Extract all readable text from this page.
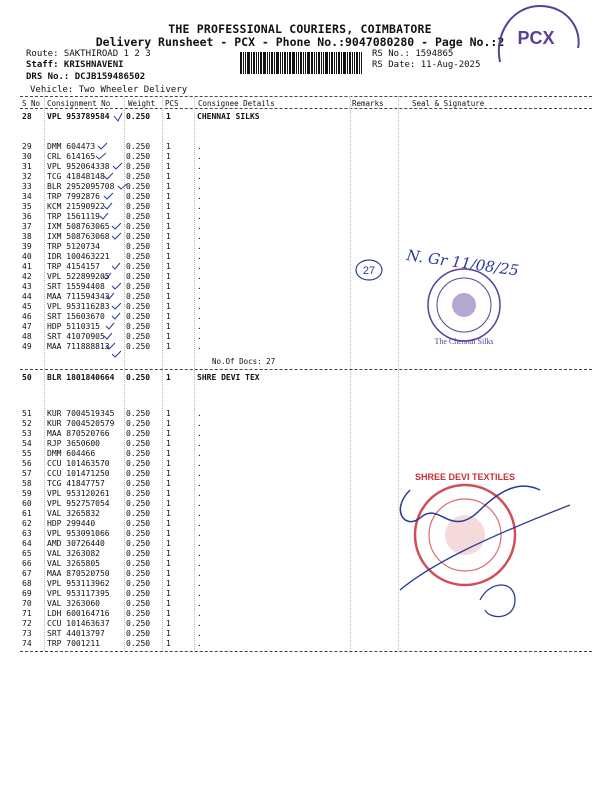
THE PROFESSIONAL COURIERS, COIMBATORE
Delivery Runsheet - PCX - Phone No.:9047080280 - Page No.:2
Route: SAKTHIROAD 1 2 3
Staff: KRISHNAVENI
DRS No.: DCJB159486502
Vehicle: Two Wheeler Delivery
RS No.: 1594865
RS Date: 11-Aug-2025
PCX
S No Consignment No Weight PCS	Consignee Details	Remarks	Seal & Signature
28 VPL 953789584 0.250 1	CHENNAI SILKS
29 DMM 604473	0.250 1	.
30 CRL 614165	0.250 1	.
31 VPL 952064338 0.250 1	.
32 TCG 41848148	0.250 1	.
33 BLR 2952095708 0.250 1	.
34 TRP 7992876	0.250 1	.
35 KCM 21590922	0.250 1	.
36 TRP 1561119	0.250 1	.
37 IXM 508763065 0.250 1	.
38 IXM 508763068 0.250 1	.
39 TRP 5120734	0.250 1	.
40 IDR 100463221 0.250 1	.
41 TRP 4154157	0.250 1	.
42 VPL 522899205 0.250 1	.
43 SRT 15594408	0.250 1	.
44 MAA 711594343 0.250 1	.
45 VPL 953116283 0.250 1	.
46 SRT 15603670	0.250 1	.
47 HDP 5110315	0.250 1	.
48 SRT 41070905	0.250 1	.
49 MAA 711888813 0.250 1	.
No.Of Docs: 27
50 BLR 1801840664 0.250 1	SHRE DEVI TEX
51 KUR 7004519345 0.250 1	.
52 KUR 7004520579 0.250 1	.
53 MAA 870520766 0.250 1	.
54 RJP 3650600	0.250 1	.
55 DMM 604466	0.250 1	.
56 CCU 101463570 0.250 1	.
57 CCU 101471250 0.250 1	.
58 TCG 41847757	0.250 1	.
59 VPL 953120261 0.250 1	.
60 VPL 952757054 0.250 1	.
61 VAL 3265832	0.250 1	.
62 HDP 299440	0.250 1	.
63 VPL 953091066 0.250 1	.
64 AMD 30726440	0.250 1	.
65 VAL 3263082	0.250 1	.
66 VAL 3265805	0.250 1	.
67 MAA 870520750 0.250 1	.
68 VPL 953113962 0.250 1	.
69 VPL 953117395 0.250 1	.
70 VAL 3263060	0.250 1	.
71 LDH 600164716 0.250 1	.
72 CCU 101463637 0.250 1	.
73 SRT 44013797	0.250 1	.
74 TRP 7001211	0.250 1	.
27 N. Gr 11/08/25
The Chennai Silks
SHREE DEVI TEXTILES
